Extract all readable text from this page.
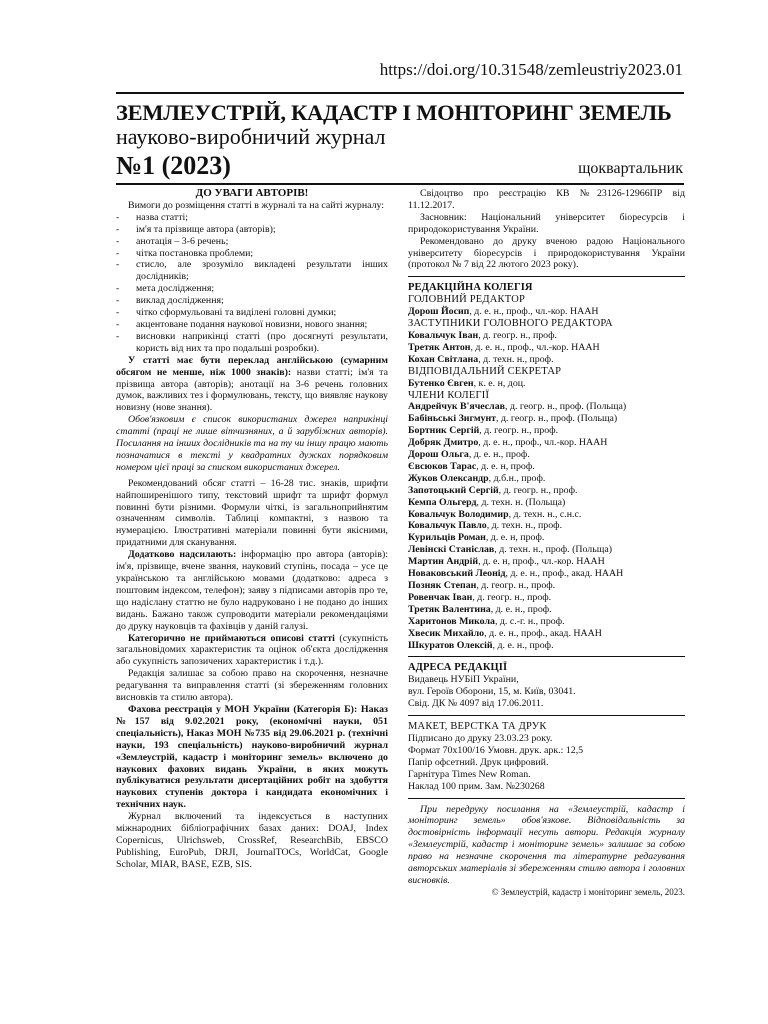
https://doi.org/10.31548/zemleustriy2023.01
ЗЕМЛЕУСТРІЙ, КАДАСТР І МОНІТОРИНГ ЗЕМЕЛЬ
науково-виробничий журнал
№1 (2023)	щоквартальник

ДО УВАГИ АВТОРІВ!

Вимоги до розміщення статті в журналі та на сайті журналу:

-	назва статті;
-	ім'я та прізвище автора (авторів);
-	анотація – 3-6 речень;
-	чітка постановка проблеми;
-	стисло, але зрозуміло викладені результати інших дослідників;
-	мета дослідження;
-	виклад дослідження;
-	чітко сформульовані та виділені головні думки;
-	акцентоване подання наукової новизни, нового знання;
-	висновки наприкінці статті (про досягнуті результати, користь від них та про подальші розробки).

У статті має бути переклад англійською (сумарним обсягом не менше, ніж 1000 знаків): назви статті; ім'я та прізвища автора (авторів); анотації на 3-6 речень головних думок, важливих тез і формулювань, тексту, що виявляє наукову новизну (нове знання).

Обов'язковим є список використаних джерел наприкінці статті (праці не лише вітчизняних, а й зарубіжних авторів). Посилання на інших дослідників та на ту чи іншу працю мають позначатися в тексті у квадратних дужках порядковим номером цієї праці за списком використаних джерел.

Рекомендований обсяг статті – 16-28 тис. знаків, шрифти найпоширенішого типу, текстовий шрифт та шрифт формул повинні бути різними. Формули чіткі, із загальноприйнятим означенням символів. Таблиці компактні, з назвою та нумерацією. Ілюстративні матеріали повинні бути якісними, придатними для сканування.

Додатково надсилають: інформацію про автора (авторів): ім'я, прізвище, вчене звання, науковий ступінь, посада – усе це українською та англійською мовами (додатково: адреса з поштовим індексом, телефон); заяву з підписами авторів про те, що надіслану статтю не було надруковано і не подано до інших видань. Бажано також супроводити матеріали рекомендаціями до друку науковців та фахівців у даній галузі.

Категорично не приймаються описові статті (сукупність загальновідомих характеристик та оцінок об'єкта дослідження або сукупність запозичених характеристик і т.д.).

Редакція залишає за собою право на скорочення, незначне редагування та виправлення статті (зі збереженням головних висновків та стилю автора).

Фахова реєстрація у МОН України (Категорія Б): Наказ №157 від 9.02.2021 року, (економічні науки, 051 спеціальність), Наказ МОН №735 від 29.06.2021 р. (технічні науки, 193 спеціальність) науково-виробничий журнал «Землеустрій, кадастр і моніторинг земель» включено до наукових фахових видань України, в яких можуть публікуватися результати дисертаційних робіт на здобуття наукових ступенів доктора і кандидата економічних і технічних наук.

Журнал включений та індексується в наступних міжнародних бібліографічних базах даних: DOAJ, Index Copernicus, Ulrichsweb, CrossRef, ResearchBib, EBSCO Publishing, EuroPub, DRJI, JournalTOCs, WorldCat, Google Scholar, MIAR, BASE, EZB, SIS.

Свідоцтво про реєстрацію КВ №23126-12966ПР від 11.12.2017.

Засновник: Національний університет біоресурсів і природокористування України.

Рекомендовано до друку вченою радою Національного університету біоресурсів і природокористування України (протокол № 7 від 22 лютого 2023 року).

РЕДАКЦІЙНА КОЛЕГІЯ

ГОЛОВНИЙ РЕДАКТОР

Дорош Йосип, д. е. н., проф., чл.-кор. НААН

ЗАСТУПНИКИ ГОЛОВНОГО РЕДАКТОРА

Ковальчук Іван, д. геогр. н., проф.

Третяк Антон, д. е. н., проф., чл.-кор. НААН

Кохан Світлана, д. техн. н., проф.

ВІДПОВІДАЛЬНИЙ СЕКРЕТАР

Бутенко Євген, к. е. н, доц.

ЧЛЕНИ КОЛЕГІЇ

Андрейчук В'ячеслав, д. геогр. н., проф. (Польща)

Бабіньські Зигмунт, д. геогр. н., проф. (Польща)

Бортник Сергій, д. геогр. н., проф.

Добряк Дмитро, д. е. н., проф., чл.-кор. НААН

Дорош Ольга, д. е. н., проф.

Євсюков Тарас, д. е. н, проф.

Жуков Олександр, д.б.н., проф.

Запотоцький Сергій, д. геогр. н., проф.

Кемпа Ольгерд, д. техн. н. (Польща)

Ковальчук Володимир, д. техн. н., с.н.с.

Ковальчук Павло, д. техн. н., проф.

Курильців Роман, д. е. н, проф.

Левінскі Станіслав, д. техн. н., проф. (Польща)

Мартин Андрій, д. е. н, проф., чл.-кор. НААН

Новаковський Леонід, д. е. н., проф., акад. НААН

Позняк Степан, д. геогр. н., проф.

Ровенчак Іван, д. геогр. н., проф.

Третяк Валентина, д. е. н., проф.

Харитонов Микола, д. с.-г. н., проф.

Хвесик Михайло, д. е. н., проф., акад. НААН

Шкуратов Олексій, д. е. н., проф.

АДРЕСА РЕДАКЦІЇ

Видавець НУБіП України,

вул. Героїв Оборони, 15, м. Київ, 03041.

Свід. ДК № 4097 від 17.06.2011.

МАКЕТ, ВЕРСТКА ТА ДРУК

Підписано до друку 23.03.23 року.

Формат 70x100/16 Умовн. друк. арк.: 12,5

Папір офсетний. Друк цифровий.

Гарнітура Times New Roman.

Наклад 100 прим. Зам. №230268

При передруку посилання на «Землеустрій, кадастр і моніторинг земель» обов'язкове. Відповідальність за достовірність інформації несуть автори. Редакція журналу «Землеустрій, кадастр і моніторинг земель» залишає за собою право на незначне скорочення та літературне редагування авторських матеріалів зі збереженням стилю автора і головних висновків.

© Землеустрій, кадастр і моніторинг земель, 2023.
